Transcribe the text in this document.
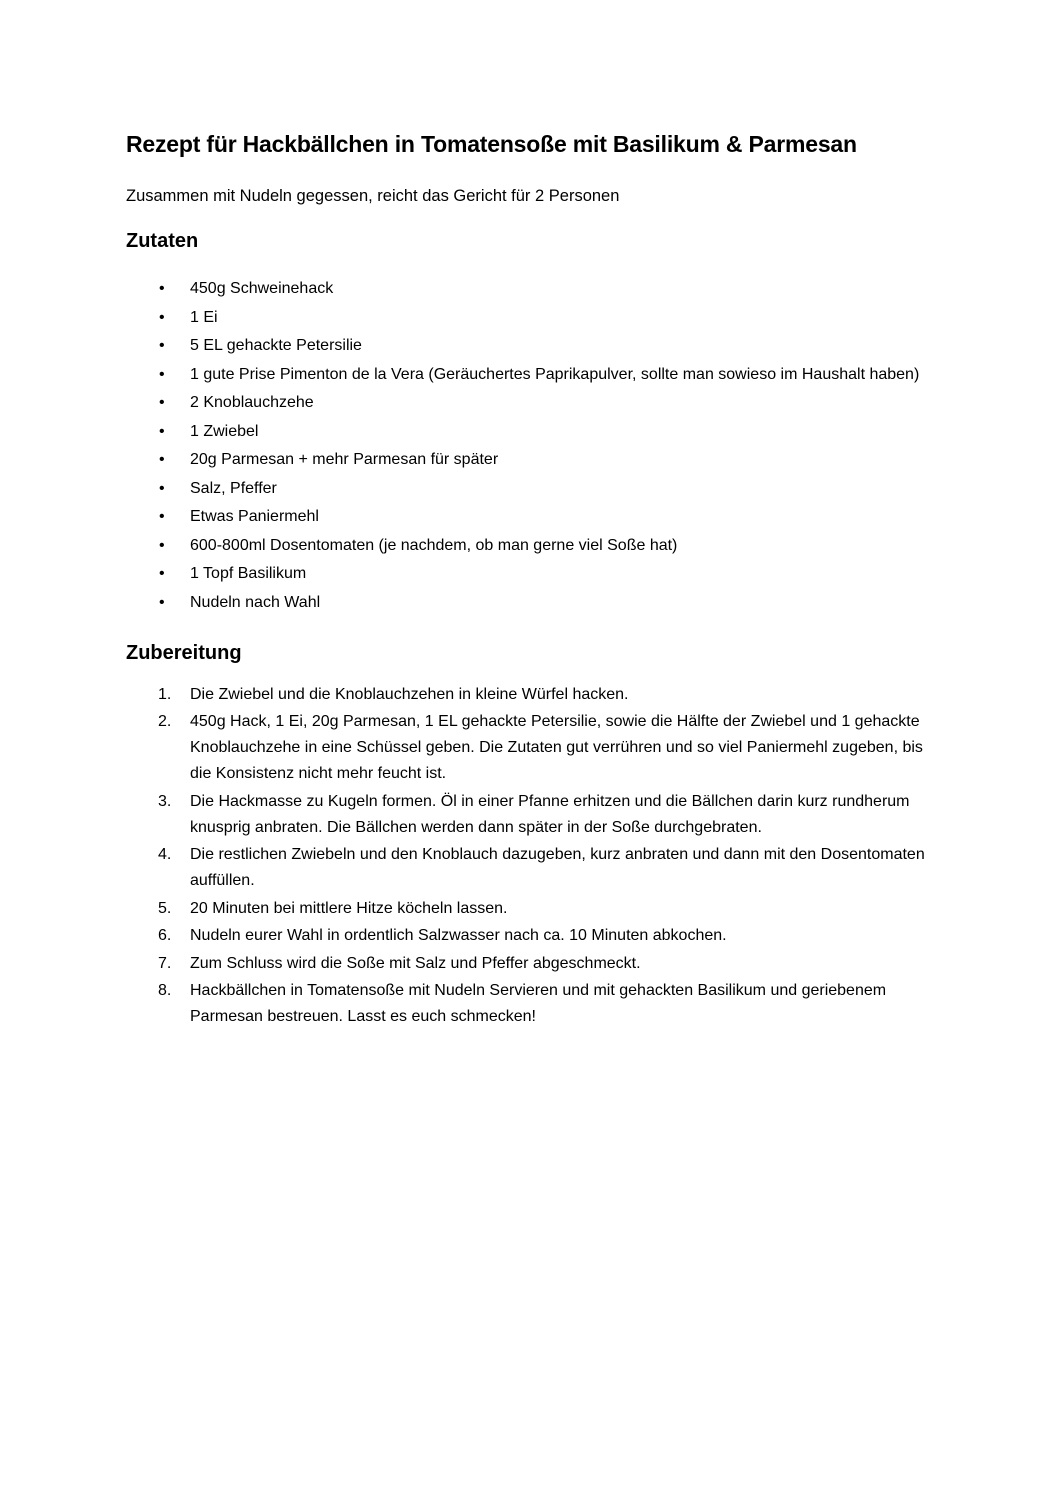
Rezept für Hackbällchen in Tomatensoße mit Basilikum & Parmesan

Zusammen mit Nudeln gegessen, reicht das Gericht für 2 Personen

Zutaten
• 450g Schweinehack
• 1 Ei
• 5 EL gehackte Petersilie
• 1 gute Prise Pimenton de la Vera (Geräuchertes Paprikapulver, sollte man sowieso im Haushalt haben)
• 2 Knoblauchzehe
• 1 Zwiebel
• 20g Parmesan + mehr Parmesan für später
• Salz, Pfeffer
• Etwas Paniermehl
• 600-800ml Dosentomaten (je nachdem, ob man gerne viel Soße hat)
• 1 Topf Basilikum
• Nudeln nach Wahl
Zubereitung
1. Die Zwiebel und die Knoblauchzehen in kleine Würfel hacken.
2. 450g Hack, 1 Ei, 20g Parmesan, 1 EL gehackte Petersilie, sowie die Hälfte der Zwiebel und 1 gehackte Knoblauchzehe in eine Schüssel geben. Die Zutaten gut verrühren und so viel Paniermehl zugeben, bis die Konsistenz nicht mehr feucht ist.
3. Die Hackmasse zu Kugeln formen. Öl in einer Pfanne erhitzen und die Bällchen darin kurz rundherum knusprig anbraten. Die Bällchen werden dann später in der Soße durchgebraten.
4. Die restlichen Zwiebeln und den Knoblauch dazugeben, kurz anbraten und dann mit den Dosentomaten auffüllen.
5. 20 Minuten bei mittlere Hitze köcheln lassen.
6. Nudeln eurer Wahl in ordentlich Salzwasser nach ca. 10 Minuten abkochen.
7. Zum Schluss wird die Soße mit Salz und Pfeffer abgeschmeckt.
8. Hackbällchen in Tomatensoße mit Nudeln Servieren und mit gehackten Basilikum und geriebenem Parmesan bestreuen. Lasst es euch schmecken!
